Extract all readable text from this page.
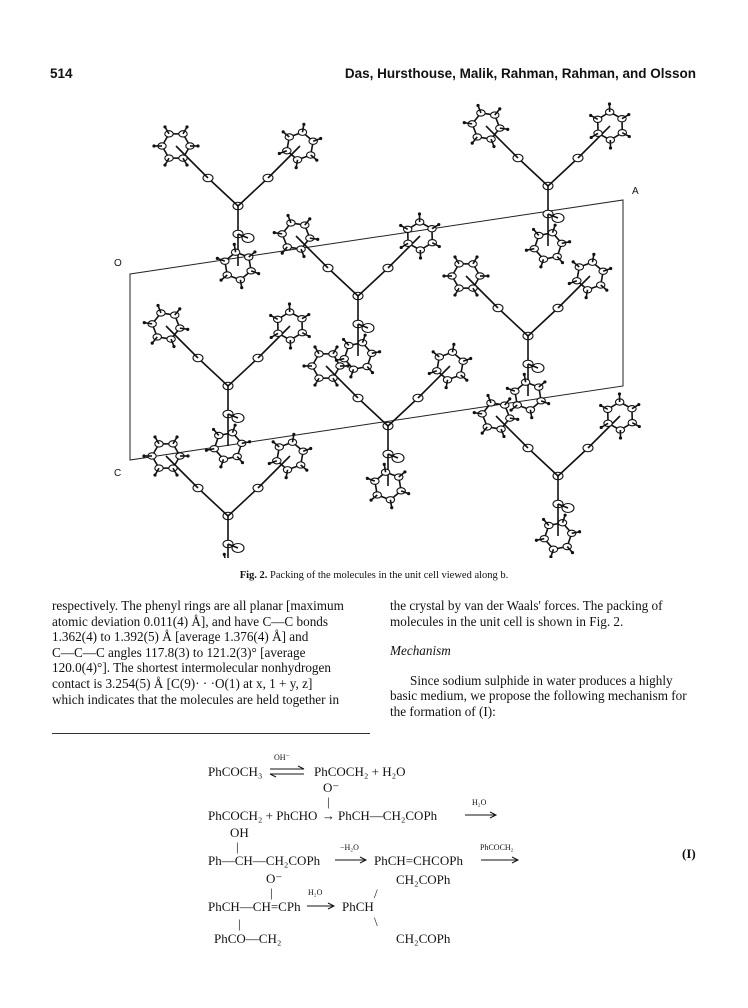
514	Das, Hursthouse, Malik, Rahman, Rahman, and Olsson
O
A
C
Fig. 2. Packing of the molecules in the unit cell viewed along b.

respectively. The phenyl rings are all planar [maximum

atomic deviation 0.011(4) Å], and have C—C bonds

1.362(4) to 1.392(5) Å [average 1.376(4) Å] and

C—C—C angles 117.8(3) to 121.2(3)° [average

120.0(4)°]. The shortest intermolecular nonhydrogen

contact is 3.254(5) Å [C(9)· · ·O(1) at x, 1 + y, z]

which indicates that the molecules are held together in

the crystal by van der Waals' forces. The packing of

molecules in the unit cell is shown in Fig. 2.

Mechanism

Since sodium sulphide in water produces a highly

basic medium, we propose the following mechanism for

the formation of (I):

OH⁻
PhCOCH₃ ⇌ PhCOCH₂ + H₂O
O⁻
|	H₂O
PhCOCH₂ + PhCHO → PhCH—CH₂COPh
OH
|	−H₂O	PhCOCH₂
Ph—CH—CH₂COPh → PhCH=CHCOPh →	(I)
O⁻	CH₂COPh
|	H₂O	/
PhCH—CH=CPh → PhCH
|	\
PhCO—CH₂	CH₂COPh
